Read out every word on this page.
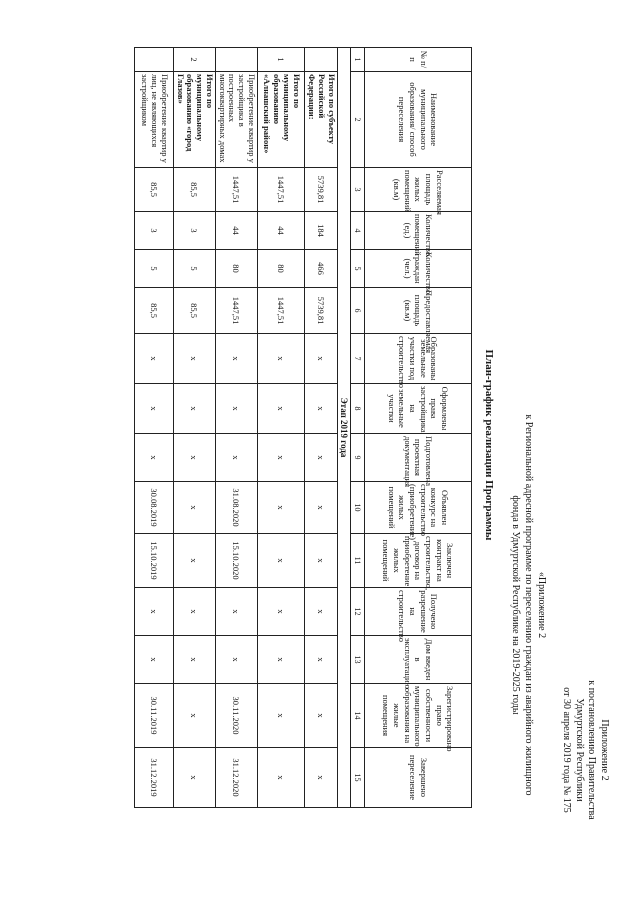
Приложение 2
к постановлению Правительства
Удмуртской Республики
от 30 апреля 2019 года № 175
«Приложение 2
к Региональной адресной программе по переселению граждан из аварийного жилищного
фонда в Удмуртской Республике на 2019-2025 годы
План-график реализации Программы
№ п/п	Наименование муниципального образования/ способ переселения	Расселяемая площадь жилых помещений (кв.м)	Количество помещений (ед.)	Количество граждан (чел.)	Предоставляемая площадь (кв.м)	Образованы земельные участки под строительство	Оформлены права застройщика на земельные участки	Подготовлена проектная документация	Объявлен конкурс на строительство (приобретение) жилых помещений	Заключен контракт на строительство, договор на приобретение жилых помещений	Получено разрешение на строительство	Дом введен в эксплуатацию	Зарегистрировано право собственности муниципального образования на жилые помещения	Завершено переселение
1	2	3	4	5	6	7	8	9	10	11	12	13	14	15
Этап 2019 года														
	Итого по субъекту Российской Федерации:	5739,81	184	466	5739,81	х	х	х	х	х	х	х	х	х
1	Итого по муниципальному образованию «Алнашский район»	1447,51	44	80	1447,51	х	х	х	х	х	х	х	х	х
	Приобретение квартир у застройщика в построенных многоквартирных домах	1447,51	44	80	1447,51	х	х	х	31.08.2020	15.10.2020	х	х	30.11.2020	31.12.2020
2	Итого по муниципальному образованию «город Глазов»	85,5	3	5	85,5	х	х	х	х	х	х	х	х	х
	Приобретение квартир у лиц, не являющихся застройщиком	85,5	3	5	85,5	х	х	х	30.08.2019	15.10.2019	х	х	30.11.2019	31.12.2019
